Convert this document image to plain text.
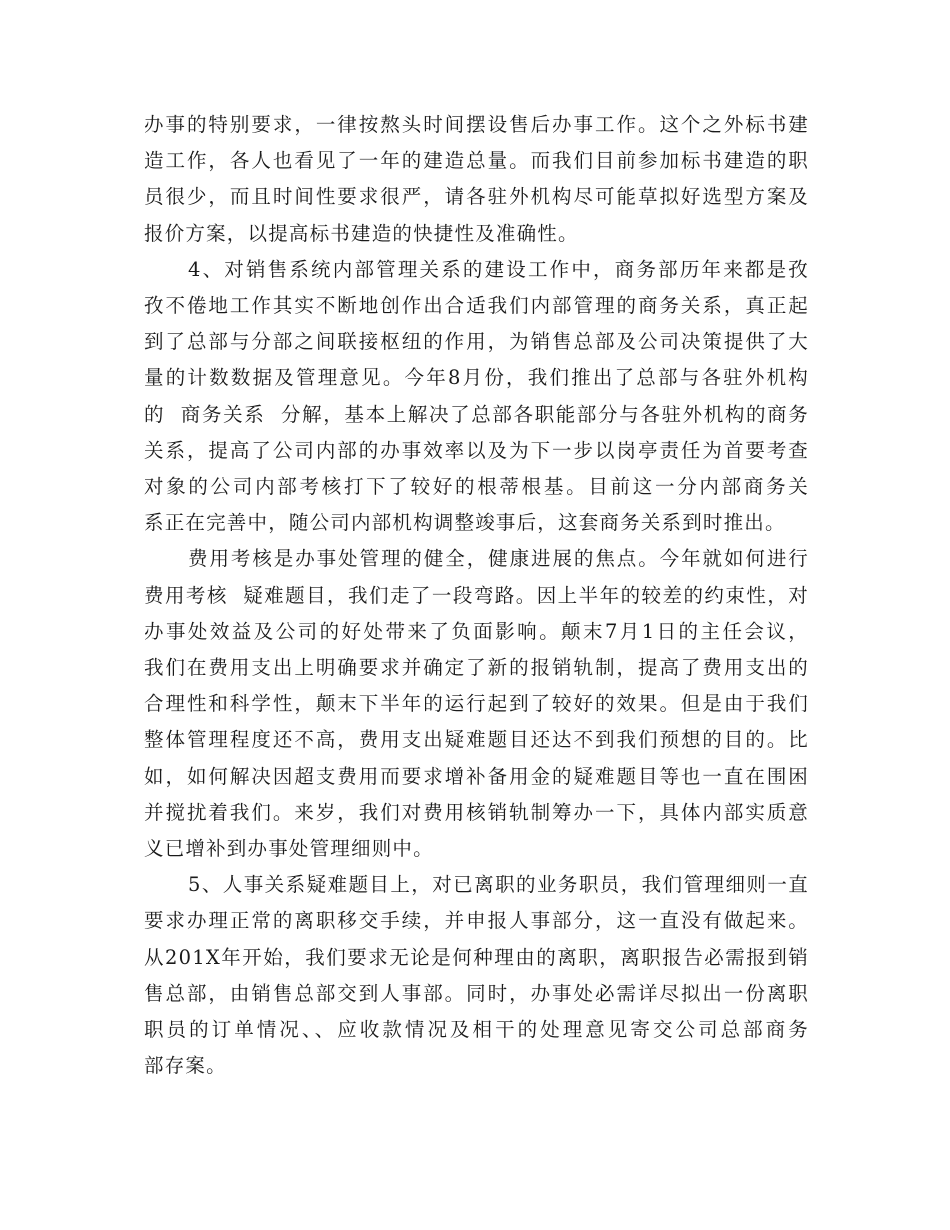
办事的特别要求，一律按熬头时间摆设售后办事工作。这个之外标书建
造工作，各人也看见了一年的建造总量。而我们目前参加标书建造的职
员很少，而且时间性要求很严，请各驻外机构尽可能草拟好选型方案及
报价方案，以提高标书建造的快捷性及准确性。
4、对销售系统内部管理关系的建设工作中，商务部历年来都是孜
孜不倦地工作其实不断地创作出合适我们内部管理的商务关系，真正起
到了总部与分部之间联接枢纽的作用，为销售总部及公司决策提供了大
量的计数数据及管理意见。今年8月份，我们推出了总部与各驻外机构
的  商务关系  分解，基本上解决了总部各职能部分与各驻外机构的商务
关系，提高了公司内部的办事效率以及为下一步以岗亭责任为首要考查
对象的公司内部考核打下了较好的根蒂根基。目前这一分内部商务关
系正在完善中，随公司内部机构调整竣事后，这套商务关系到时推出。
费用考核是办事处管理的健全，健康进展的焦点。今年就如何进行
费用考核  疑难题目，我们走了一段弯路。因上半年的较差的约束性，对
办事处效益及公司的好处带来了负面影响。颠末7月1日的主任会议，
我们在费用支出上明确要求并确定了新的报销轨制，提高了费用支出的
合理性和科学性，颠末下半年的运行起到了较好的效果。但是由于我们
整体管理程度还不高，费用支出疑难题目还达不到我们预想的目的。比
如，如何解决因超支费用而要求增补备用金的疑难题目等也一直在围困
并搅扰着我们。来岁，我们对费用核销轨制筹办一下，具体内部实质意
义已增补到办事处管理细则中。
5、人事关系疑难题目上，对已离职的业务职员，我们管理细则一直
要求办理正常的离职移交手续，并申报人事部分，这一直没有做起来。
从201X年开始，我们要求无论是何种理由的离职，离职报告必需报到销
售总部，由销售总部交到人事部。同时，办事处必需详尽拟出一份离职
职员的订单情况、、应收款情况及相干的处理意见寄交公司总部商务
部存案。
